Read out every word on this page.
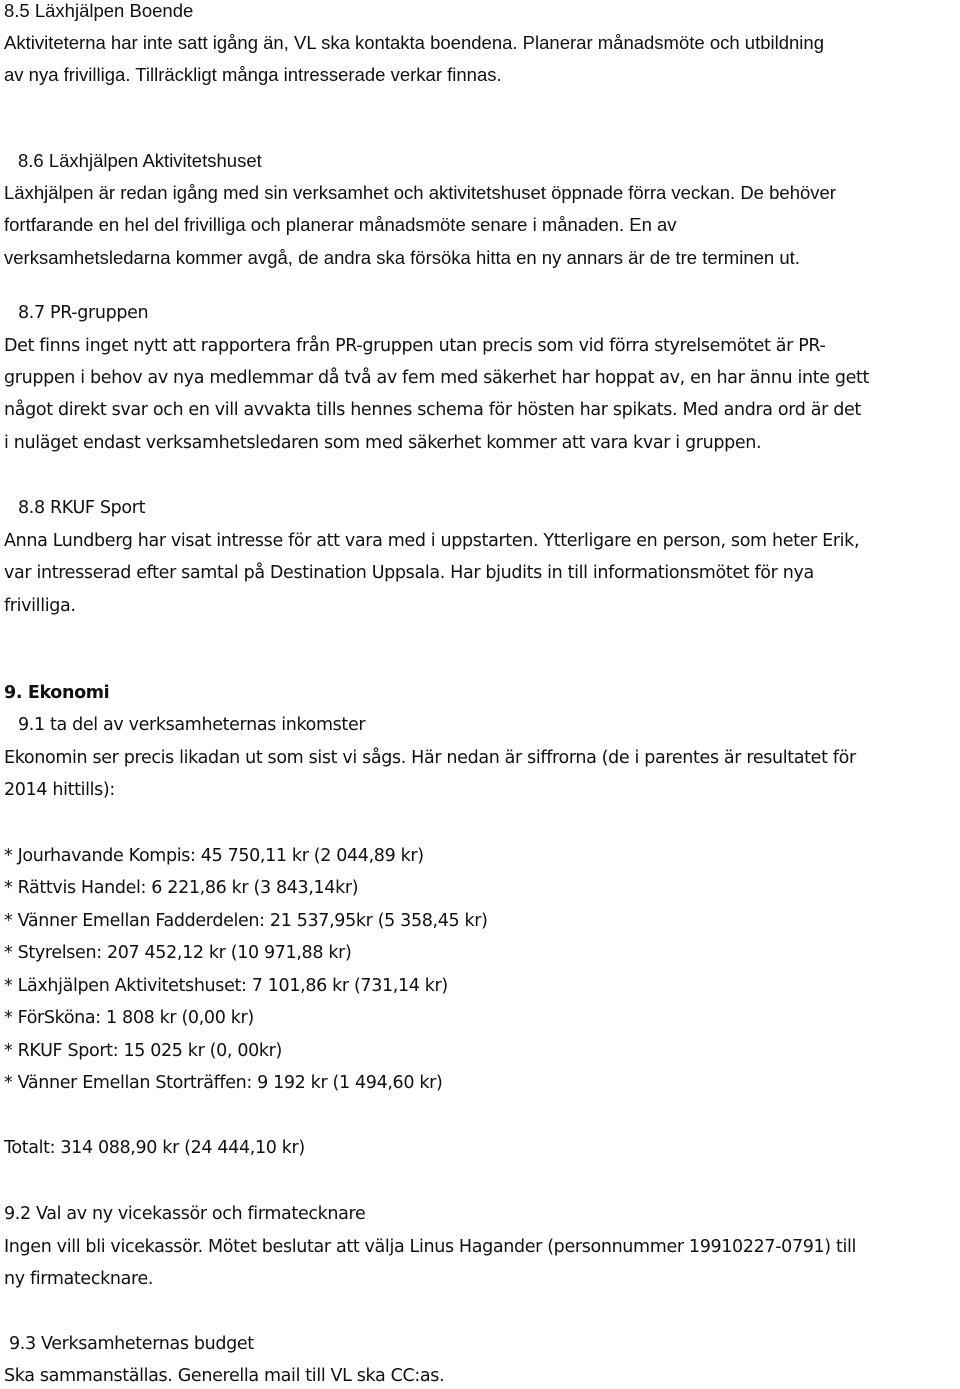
8.5 Läxhjälpen Boende
Aktiviteterna har inte satt igång än, VL ska kontakta boendena. Planerar månadsmöte och utbildning
av nya frivilliga. Tillräckligt många intresserade verkar finnas.
8.6 Läxhjälpen Aktivitetshuset
Läxhjälpen är redan igång med sin verksamhet och aktivitetshuset öppnade förra veckan. De behöver
fortfarande en hel del frivilliga och planerar månadsmöte senare i månaden. En av
verksamhetsledarna kommer avgå, de andra ska försöka hitta en ny annars är de tre terminen ut.
8.7 PR-gruppen
Det finns inget nytt att rapportera från PR-gruppen utan precis som vid förra styrelsemötet är PR-
gruppen i behov av nya medlemmar då två av fem med säkerhet har hoppat av, en har ännu inte gett
något direkt svar och en vill avvakta tills hennes schema för hösten har spikats. Med andra ord är det
i nuläget endast verksamhetsledaren som med säkerhet kommer att vara kvar i gruppen.
8.8 RKUF Sport
Anna Lundberg har visat intresse för att vara med i uppstarten. Ytterligare en person, som heter Erik,
var intresserad efter samtal på Destination Uppsala. Har bjudits in till informationsmötet för nya
frivilliga.
9. Ekonomi
9.1 ta del av verksamheternas inkomster
Ekonomin ser precis likadan ut som sist vi sågs. Här nedan är siffrorna (de i parentes är resultatet för
2014 hittills):
* Jourhavande Kompis: 45 750,11 kr (2 044,89 kr)
* Rättvis Handel: 6 221,86 kr (3 843,14kr)
* Vänner Emellan Fadderdelen: 21 537,95kr (5 358,45 kr)
* Styrelsen: 207 452,12 kr (10 971,88 kr)
* Läxhjälpen Aktivitetshuset: 7 101,86 kr (731,14 kr)
* FörSköna: 1 808 kr (0,00 kr)
* RKUF Sport: 15 025 kr (0, 00kr)
* Vänner Emellan Storträffen: 9 192 kr (1 494,60 kr)
Totalt: 314 088,90 kr (24 444,10 kr)
9.2 Val av ny vicekassör och firmatecknare
Ingen vill bli vicekassör. Mötet beslutar att välja Linus Hagander (personnummer 19910227-0791) till
ny firmatecknare.
9.3 Verksamheternas budget
Ska sammanställas. Generella mail till VL ska CC:as.
